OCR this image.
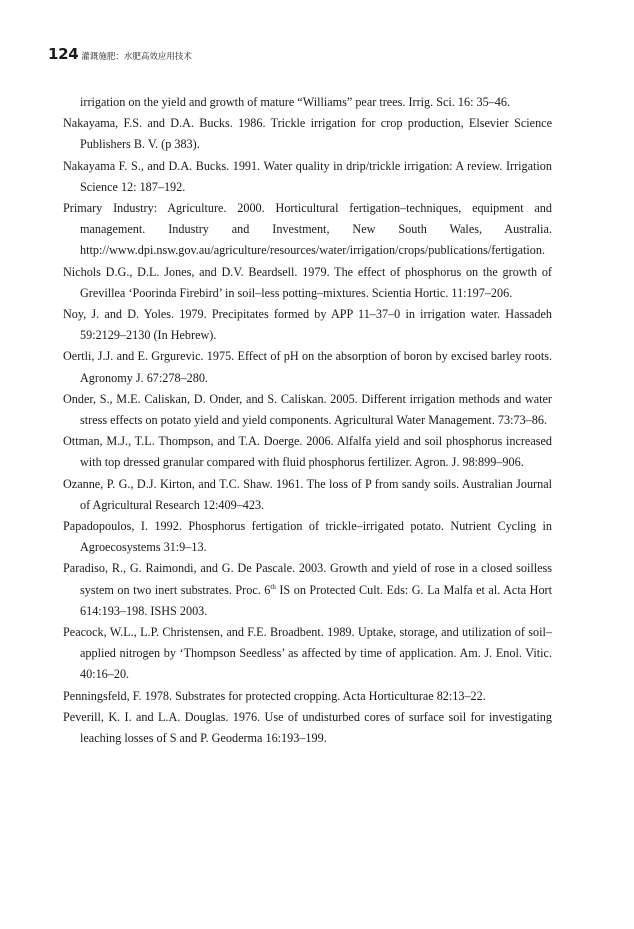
124 灌溉施肥：水肥高效应用技术

irrigation on the yield and growth of mature “Williams” pear trees. Irrig. Sci. 16: 35–46.

Nakayama, F.S. and D.A. Bucks. 1986. Trickle irrigation for crop production, Elsevier Science Publishers B. V. (p 383).

Nakayama F. S., and D.A. Bucks. 1991. Water quality in drip/trickle irrigation: A review. Irrigation Science 12: 187–192.

Primary Industry: Agriculture. 2000. Horticultural fertigation–techniques, equipment and management. Industry and Investment, New South Wales, Australia. http://www.dpi.nsw.gov.au/agriculture/resources/water/irrigation/crops/publications/fertigation.

Nichols D.G., D.L. Jones, and D.V. Beardsell. 1979. The effect of phosphorus on the growth of Grevillea ‘Poorinda Firebird’ in soil–less potting–mixtures. Scientia Hortic. 11:197–206.

Noy, J. and D. Yoles. 1979. Precipitates formed by APP 11–37–0 in irrigation water. Hassadeh 59:2129–2130 (In Hebrew).

Oertli, J.J. and E. Grgurevic. 1975. Effect of pH on the absorption of boron by excised barley roots. Agronomy J. 67:278–280.

Onder, S., M.E. Caliskan, D. Onder, and S. Caliskan. 2005. Different irrigation methods and water stress effects on potato yield and yield components. Agricultural Water Management. 73:73–86.

Ottman, M.J., T.L. Thompson, and T.A. Doerge. 2006. Alfalfa yield and soil phosphorus increased with top dressed granular compared with fluid phosphorus fertilizer. Agron. J. 98:899–906.

Ozanne, P. G., D.J. Kirton, and T.C. Shaw. 1961. The loss of P from sandy soils. Australian Journal of Agricultural Research 12:409–423.

Papadopoulos, I. 1992. Phosphorus fertigation of trickle–irrigated potato. Nutrient Cycling in Agroecosystems 31:9–13.

Paradiso, R., G. Raimondi, and G. De Pascale. 2003. Growth and yield of rose in a closed soilless system on two inert substrates. Proc. 6th IS on Protected Cult. Eds: G. La Malfa et al. Acta Hort 614:193–198. ISHS 2003.

Peacock, W.L., L.P. Christensen, and F.E. Broadbent. 1989. Uptake, storage, and utilization of soil–applied nitrogen by ‘Thompson Seedless’ as affected by time of application. Am. J. Enol. Vitic. 40:16–20.

Penningsfeld, F. 1978. Substrates for protected cropping. Acta Horticulturae 82:13–22.

Peverill, K. I. and L.A. Douglas. 1976. Use of undisturbed cores of surface soil for investigating leaching losses of S and P. Geoderma 16:193–199.
